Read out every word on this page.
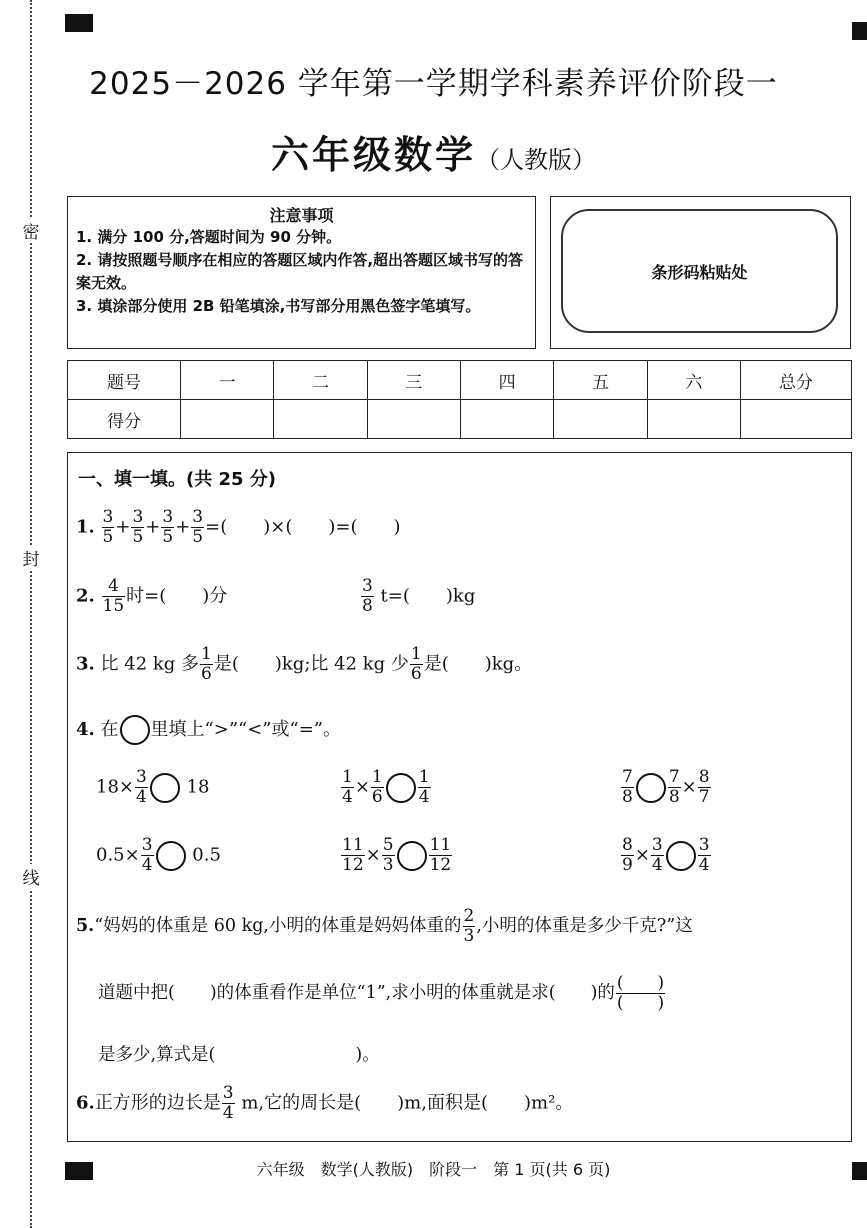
密
封
线
2025－2026 学年第一学期学科素养评价阶段一
六年级数学（人教版）
注意事项
1. 满分 100 分,答题时间为 90 分钟。
2. 请按照题号顺序在相应的答题区域内作答,超出答题区域书写的答案无效。
3. 填涂部分使用 2B 铅笔填涂,书写部分用黑色签字笔填写。
条形码粘贴处
题号	一	二	三	四	五	六	总分
得分							
一、填一填。(共 25 分)
1. $\frac{3}{5} + \frac{3}{5} + \frac{3}{5} + \frac{3}{5}$ =(　　)×(　　)=(　　)
2. $\frac{4}{15}$ 时=(　　)分	$\frac{3}{8} t=$(　　)kg
3. 比 42 kg 多 $\frac{1}{6}$ 是(　　)kg;比 42 kg 少 $\frac{1}{6}$ 是(　　)kg。
4. 在 里填上“>”“<”或“=”。
$18\times \frac{3}{4} 18$	$\frac{1}{4} \times \frac{1}{6} \frac{1}{4}$	$\frac{7}{8} \frac{7}{8} \times \frac{8}{7}$
$0.5\times \frac{3}{4} 0.5$	$\frac{11}{12} \times \frac{5}{3} \frac{11}{12}$	$\frac{8}{9} \times \frac{3}{4} \frac{3}{4}$
5.“妈妈的体重是 60 kg,小明的体重是妈妈体重的 $\frac{2}{3}$ ,小明的体重是多少千克?”这
道题中把(　　)的体重看作是单位“1”,求小明的体重就是求(　　)的 $\frac{( )}{( )}$
是多少,算式是(　　　　　　　　)。
6.正方形的边长是 $\frac{3}{4} m$,它的周长是(　　)m,面积是(　　)m²。
六年级　数学(人教版)　阶段一　第 1 页(共 6 页)
